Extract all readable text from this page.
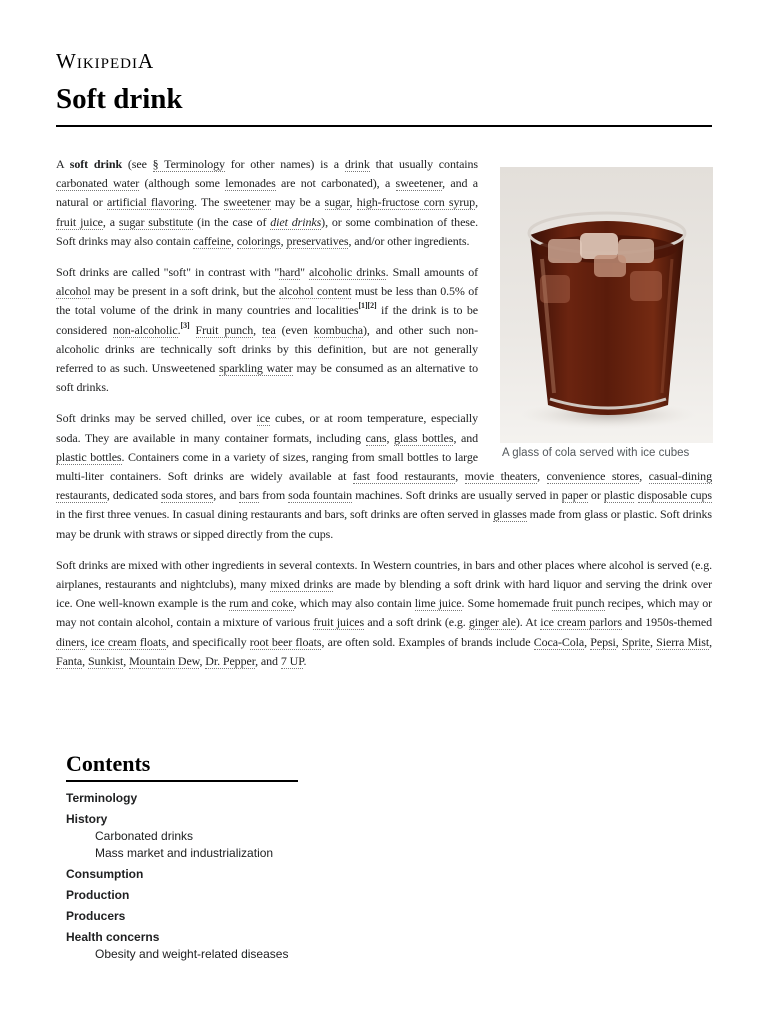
WikipediA
Soft drink
A glass of cola served with ice cubes

A soft drink (see § Terminology for other names) is a drink that usually contains carbonated water (although some lemonades are not carbonated), a sweetener, and a natural or artificial flavoring. The sweetener may be a sugar, high-fructose corn syrup, fruit juice, a sugar substitute (in the case of diet drinks), or some combination of these. Soft drinks may also contain caffeine, colorings, preservatives, and/or other ingredients.

Soft drinks are called "soft" in contrast with "hard" alcoholic drinks. Small amounts of alcohol may be present in a soft drink, but the alcohol content must be less than 0.5% of the total volume of the drink in many countries and localities[1][2] if the drink is to be considered non-alcoholic.[3] Fruit punch, tea (even kombucha), and other such non-alcoholic drinks are technically soft drinks by this definition, but are not generally referred to as such. Unsweetened sparkling water may be consumed as an alternative to soft drinks.

Soft drinks may be served chilled, over ice cubes, or at room temperature, especially soda. They are available in many container formats, including cans, glass bottles, and plastic bottles. Containers come in a variety of sizes, ranging from small bottles to large multi-liter containers. Soft drinks are widely available at fast food restaurants, movie theaters, convenience stores, casual-dining restaurants, dedicated soda stores, and bars from soda fountain machines. Soft drinks are usually served in paper or plastic disposable cups in the first three venues. In casual dining restaurants and bars, soft drinks are often served in glasses made from glass or plastic. Soft drinks may be drunk with straws or sipped directly from the cups.

Soft drinks are mixed with other ingredients in several contexts. In Western countries, in bars and other places where alcohol is served (e.g. airplanes, restaurants and nightclubs), many mixed drinks are made by blending a soft drink with hard liquor and serving the drink over ice. One well-known example is the rum and coke, which may also contain lime juice. Some homemade fruit punch recipes, which may or may not contain alcohol, contain a mixture of various fruit juices and a soft drink (e.g. ginger ale). At ice cream parlors and 1950s-themed diners, ice cream floats, and specifically root beer floats, are often sold. Examples of brands include Coca-Cola, Pepsi, Sprite, Sierra Mist, Fanta, Sunkist, Mountain Dew, Dr. Pepper, and 7 UP.

Contents
Terminology
History
Carbonated drinks
Mass market and industrialization
Consumption
Production
Producers
Health concerns
Obesity and weight-related diseases
